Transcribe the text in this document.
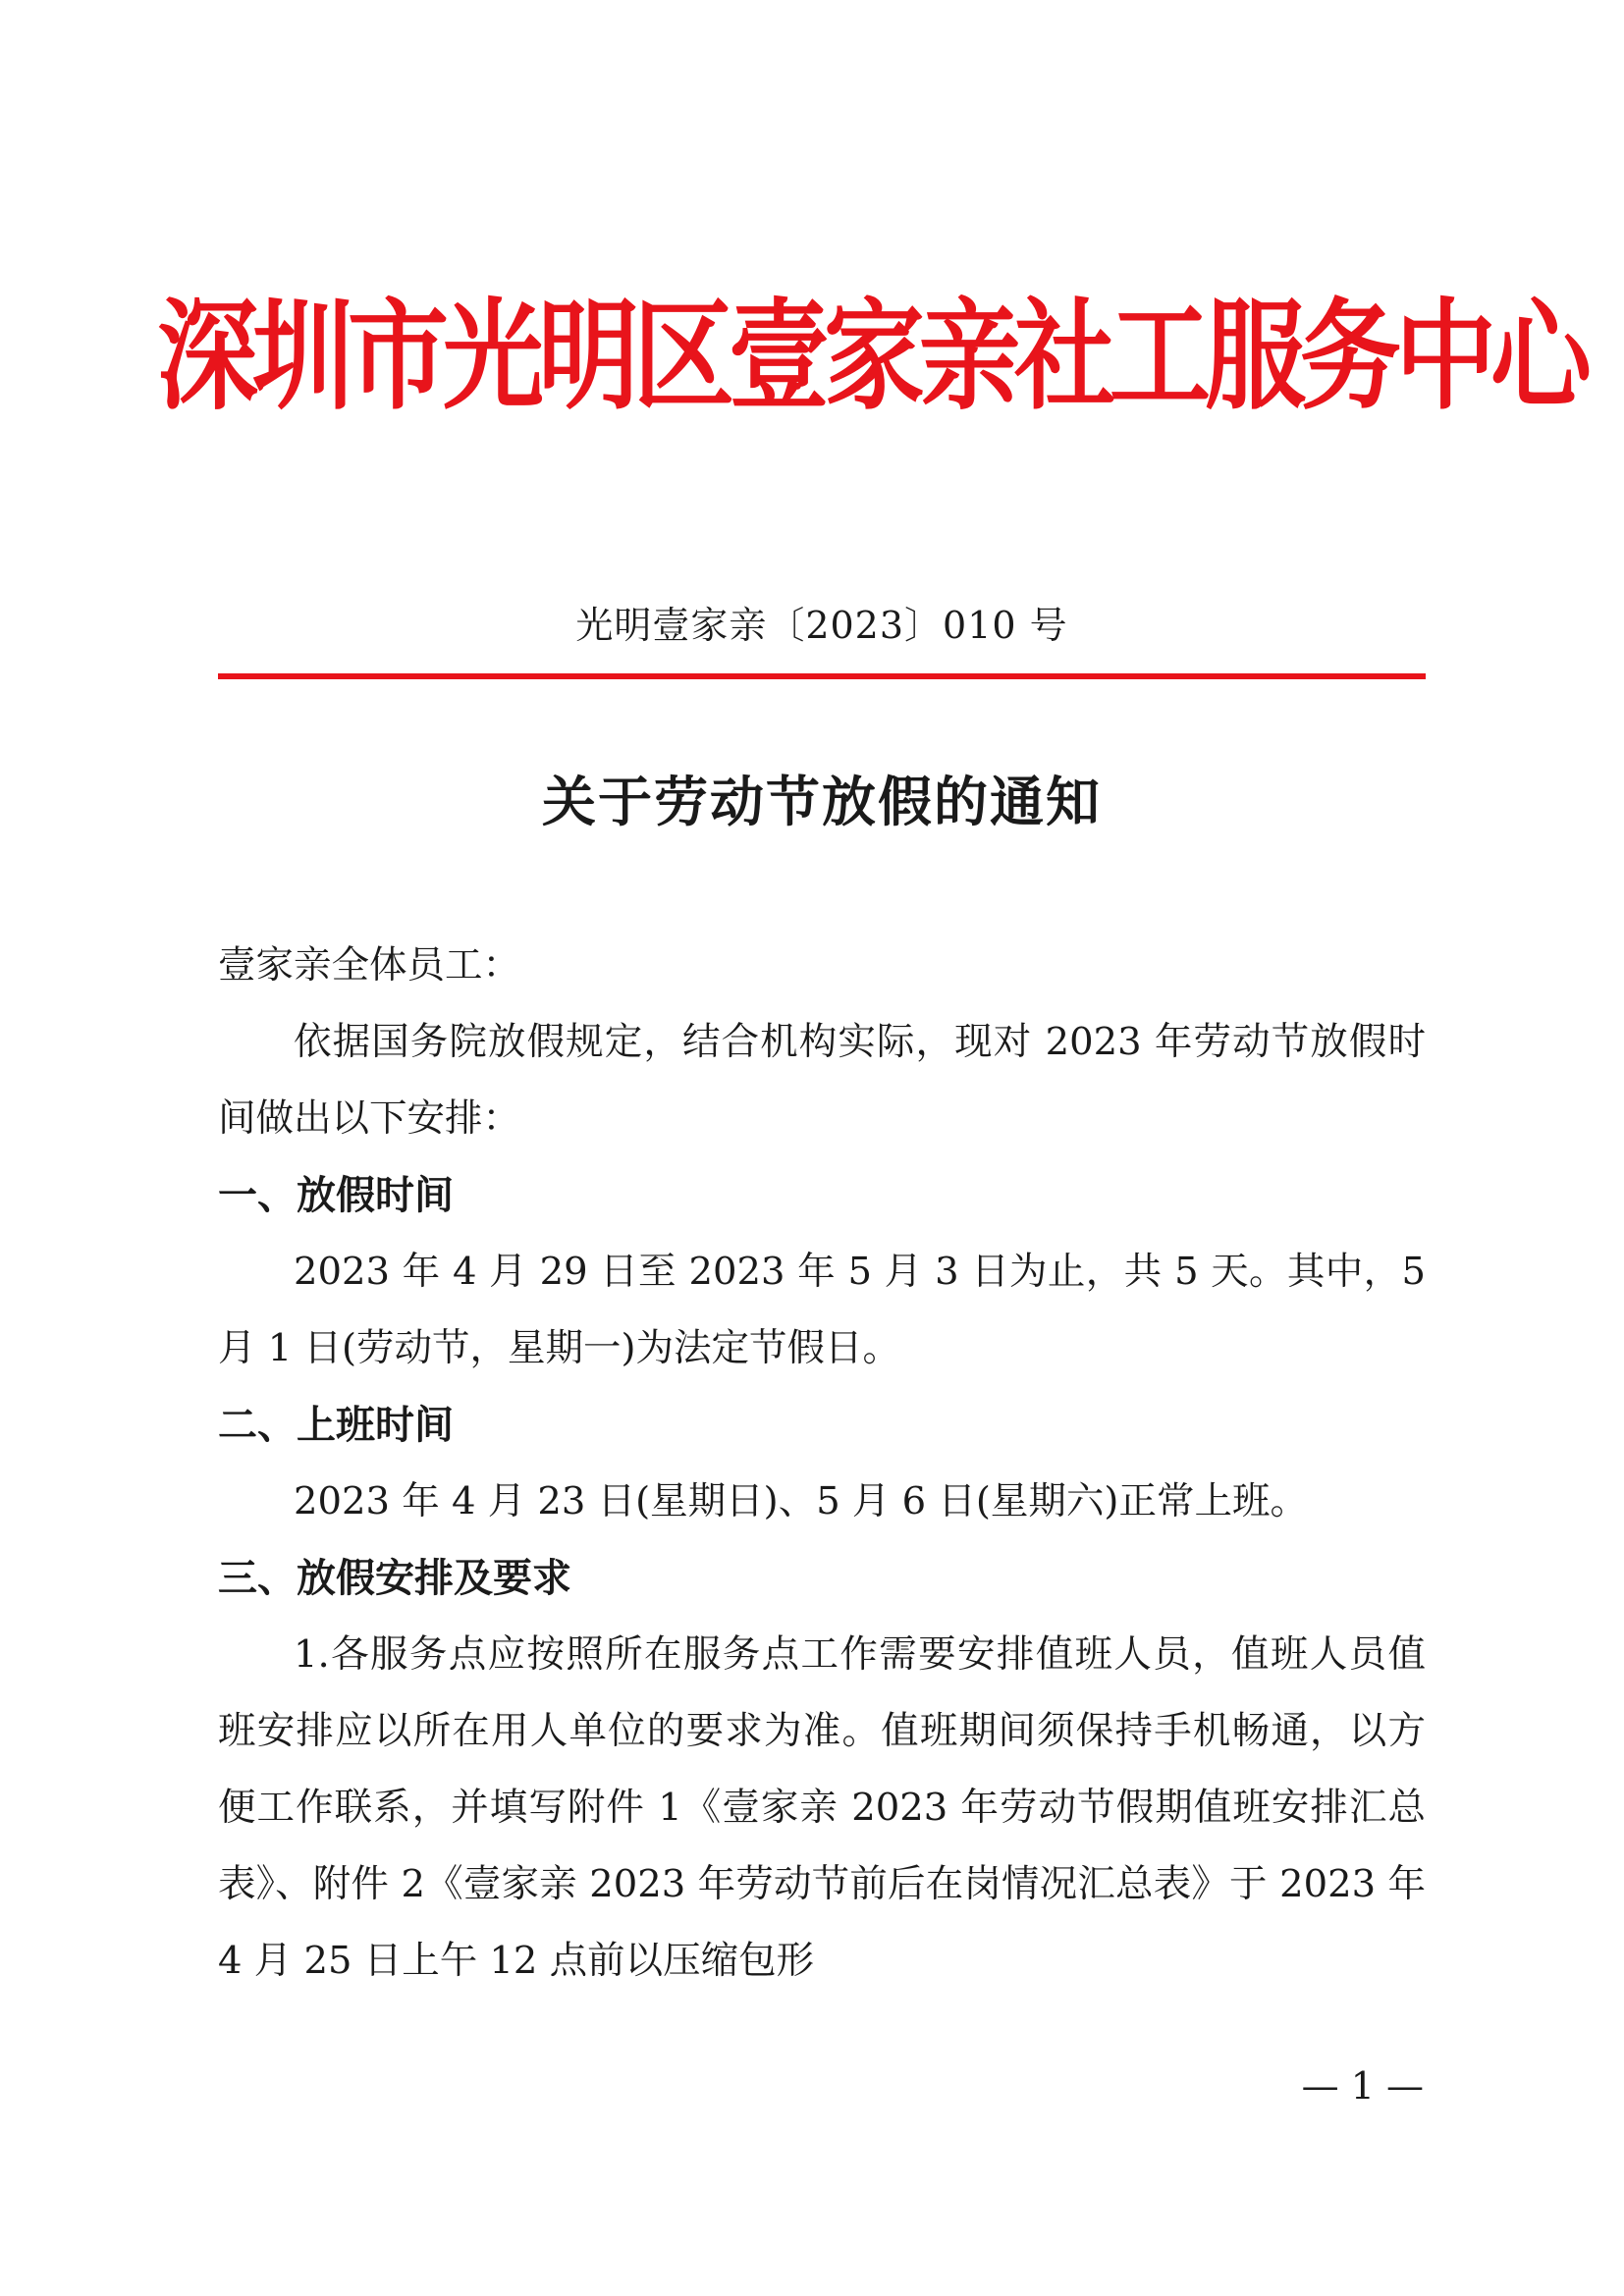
深圳市光明区壹家亲社工服务中心
光明壹家亲〔2023〕010 号
关于劳动节放假的通知

壹家亲全体员工：

依据国务院放假规定，结合机构实际，现对 2023 年劳动节放假时间做出以下安排：

一、放假时间

2023 年 4 月 29 日至 2023 年 5 月 3 日为止，共 5 天。其中，5 月 1 日(劳动节，星期一)为法定节假日。

二、上班时间

2023 年 4 月 23 日(星期日)、5 月 6 日(星期六)正常上班。

三、放假安排及要求

1.各服务点应按照所在服务点工作需要安排值班人员，值班人员值班安排应以所在用人单位的要求为准。值班期间须保持手机畅通，以方便工作联系，并填写附件 1《壹家亲 2023 年劳动节假期值班安排汇总表》、附件 2《壹家亲 2023 年劳动节前后在岗情况汇总表》于 2023 年 4 月 25 日上午 12 点前以压缩包形

— 1 —
